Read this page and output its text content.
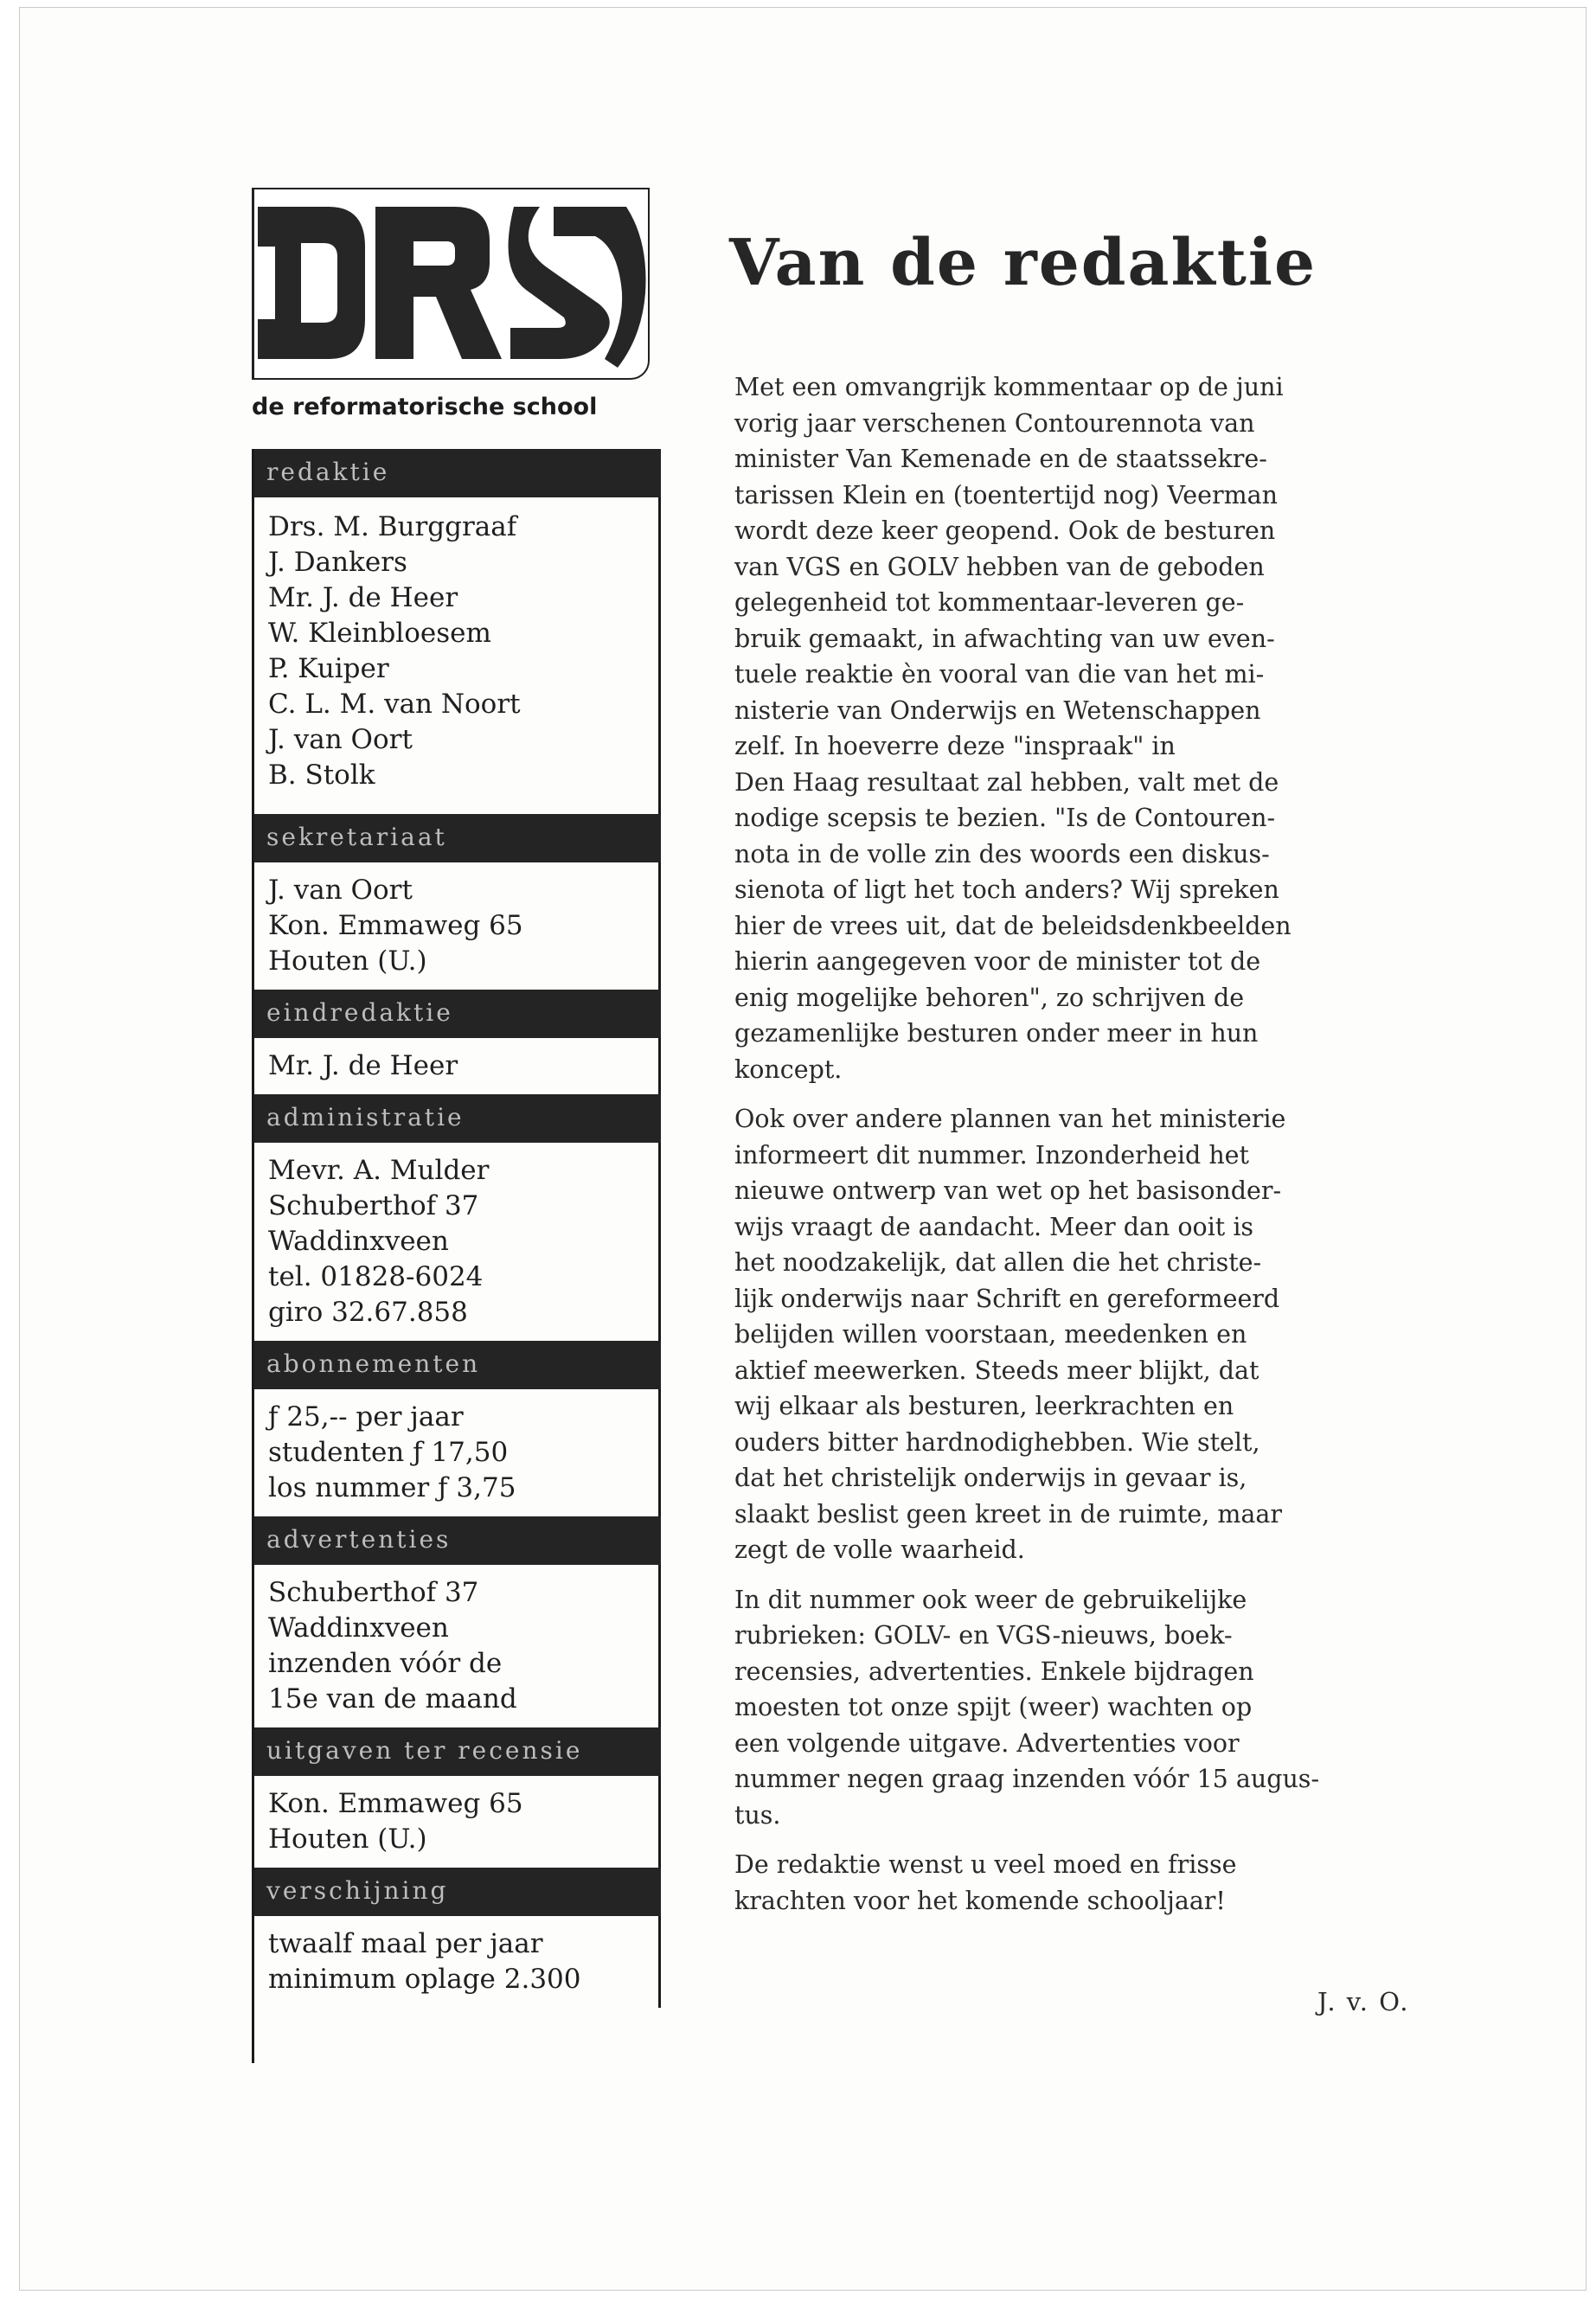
de reformatorische school
redaktie
Drs. M. Burggraaf
J. Dankers
Mr. J. de Heer
W. Kleinbloesem
P. Kuiper
C. L. M. van Noort
J. van Oort
B. Stolk
sekretariaat
J. van Oort
Kon. Emmaweg 65
Houten (U.)
eindredaktie
Mr. J. de Heer
administratie
Mevr. A. Mulder
Schuberthof 37
Waddinxveen
tel. 01828-6024
giro 32.67.858
abonnementen
ƒ 25,-- per jaar
studenten ƒ 17,50
los nummer ƒ 3,75
advertenties
Schuberthof 37
Waddinxveen
inzenden vóór de
15e van de maand
uitgaven ter recensie
Kon. Emmaweg 65
Houten (U.)
verschijning
twaalf maal per jaar
minimum oplage 2.300
Van de redaktie

Met een omvangrijk kommentaar op de juni
vorig jaar verschenen Contourennota van
minister Van Kemenade en de staatssekre-
tarissen Klein en (toentertijd nog) Veerman
wordt deze keer geopend. Ook de besturen
van VGS en GOLV hebben van de geboden
gelegenheid tot kommentaar-leveren ge-
bruik gemaakt, in afwachting van uw even-
tuele reaktie èn vooral van die van het mi-
nisterie van Onderwijs en Wetenschappen
zelf. In hoeverre deze "inspraak" in
Den Haag resultaat zal hebben, valt met de
nodige scepsis te bezien. "Is de Contouren-
nota in de volle zin des woords een diskus-
sienota of ligt het toch anders? Wij spreken
hier de vrees uit, dat de beleidsdenkbeelden
hierin aangegeven voor de minister tot de
enig mogelijke behoren", zo schrijven de
gezamenlijke besturen onder meer in hun
koncept.

Ook over andere plannen van het ministerie
informeert dit nummer. Inzonderheid het
nieuwe ontwerp van wet op het basisonder-
wijs vraagt de aandacht. Meer dan ooit is
het noodzakelijk, dat allen die het christe-
lijk onderwijs naar Schrift en gereformeerd
belijden willen voorstaan, meedenken en
aktief meewerken. Steeds meer blijkt, dat
wij elkaar als besturen, leerkrachten en
ouders bitter hardnodighebben. Wie stelt,
dat het christelijk onderwijs in gevaar is,
slaakt beslist geen kreet in de ruimte, maar
zegt de volle waarheid.

In dit nummer ook weer de gebruikelijke
rubrieken: GOLV- en VGS-nieuws, boek-
recensies, advertenties. Enkele bijdragen
moesten tot onze spijt (weer) wachten op
een volgende uitgave. Advertenties voor
nummer negen graag inzenden vóór 15 augus-
tus.

De redaktie wenst u veel moed en frisse
krachten voor het komende schooljaar!

J. v. O.
